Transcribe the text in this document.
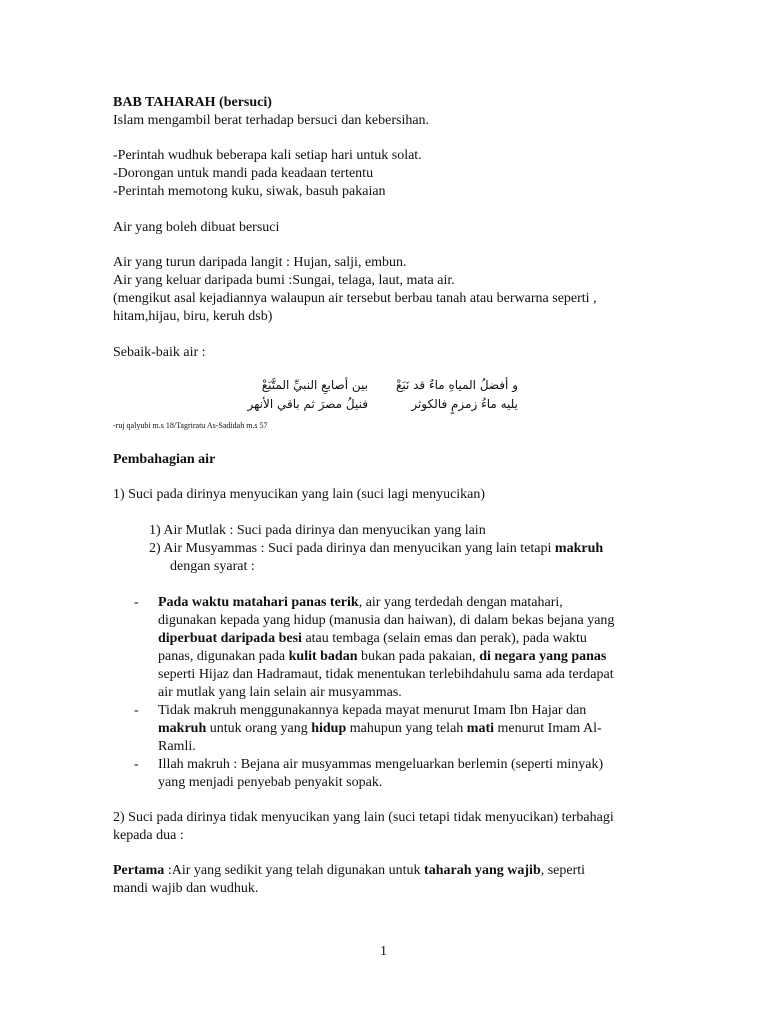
BAB TAHARAH (bersuci)
Islam mengambil berat terhadap bersuci dan kebersihan.
-Perintah wudhuk beberapa kali setiap hari untuk solat.
-Dorongan untuk mandi pada keadaan tertentu
-Perintah memotong kuku, siwak, basuh pakaian
Air yang boleh dibuat bersuci
Air yang turun daripada langit : Hujan, salji, embun.
Air yang keluar daripada bumi :Sungai, telaga, laut, mata air.
(mengikut asal kejadiannya walaupun air tersebut berbau tanah atau berwarna seperti ,
hitam,hijau, biru, keruh dsb)
Sebaik-baik air :
و أفضلُ المياهِ ماءٌ قد نَبَعْ
بين أصابعِ النبيِّ المتَّبَعْ
يليه ماءُ زمزمٍ فالكوثر
فنيلُ مصرَ ثم باقي الأنهر
-ruj qalyubi m.s 18/Tagriratu As-Sadidah m.s 57
Pembahagian air
1) Suci pada dirinya menyucikan yang lain (suci lagi menyucikan)
1) Air Mutlak : Suci pada dirinya dan menyucikan yang lain
2) Air Musyammas : Suci pada dirinya dan menyucikan yang lain tetapi makruh
dengan syarat :
- Pada waktu matahari panas terik, air yang terdedah dengan matahari,
digunakan kepada yang hidup (manusia dan haiwan), di dalam bekas bejana yang
diperbuat daripada besi atau tembaga (selain emas dan perak), pada waktu
panas, digunakan pada kulit badan bukan pada pakaian, di negara yang panas
seperti Hijaz dan Hadramaut, tidak menentukan terlebihdahulu sama ada terdapat
air mutlak yang lain selain air musyammas.
- Tidak makruh menggunakannya kepada mayat menurut Imam Ibn Hajar dan
makruh untuk orang yang hidup mahupun yang telah mati menurut Imam Al-
Ramli.
- Illah makruh : Bejana air musyammas mengeluarkan berlemin (seperti minyak)
yang menjadi penyebab penyakit sopak.
2) Suci pada dirinya tidak menyucikan yang lain (suci tetapi tidak menyucikan) terbahagi
kepada dua :
Pertama :Air yang sedikit yang telah digunakan untuk taharah yang wajib, seperti
mandi wajib dan wudhuk.
1
